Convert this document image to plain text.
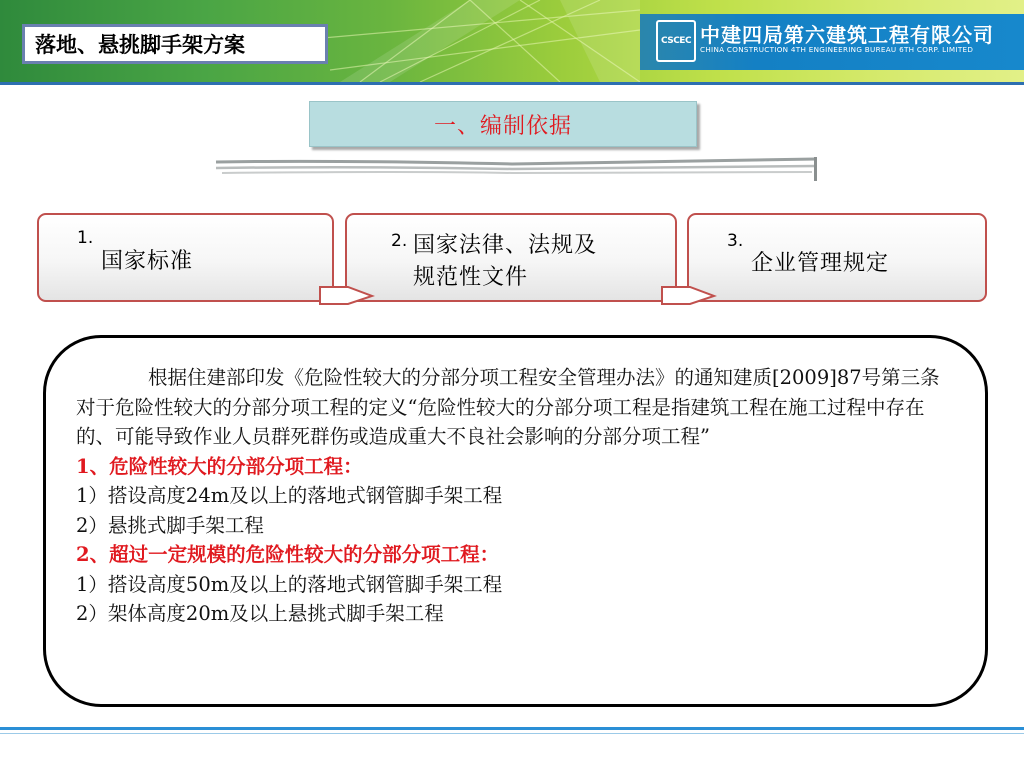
落地、悬挑脚手架方案	CSCEC 中建四局第六建筑工程有限公司
CHINA CONSTRUCTION 4TH ENGINEERING BUREAU 6TH CORP. LIMITED
一、编制依据
1.
国家标准
2. 国家法律、法规及
规范性文件
3.
企业管理规定

根据住建部印发《危险性较大的分部分项工程安全管理办法》的通知建质[2009]87号第三条对于危险性较大的分部分项工程的定义“危险性较大的分部分项工程是指建筑工程在施工过程中存在的、可能导致作业人员群死群伤或造成重大不良社会影响的分部分项工程”

1、危险性较大的分部分项工程：

1）搭设高度24m及以上的落地式钢管脚手架工程

2）悬挑式脚手架工程

2、超过一定规模的危险性较大的分部分项工程：

1）搭设高度50m及以上的落地式钢管脚手架工程

2）架体高度20m及以上悬挑式脚手架工程
